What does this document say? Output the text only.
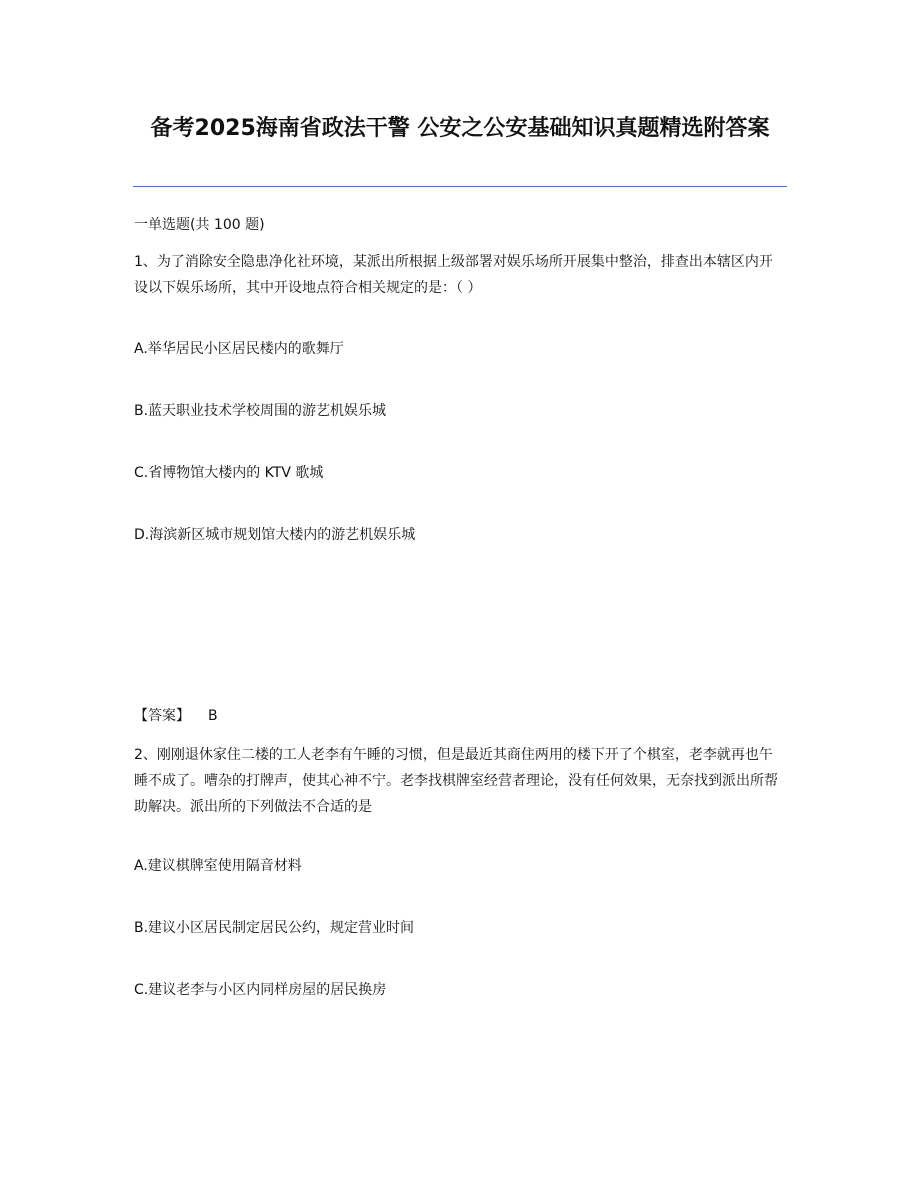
备考2025海南省政法干警 公安之公安基础知识真题精选附答案
一单选题(共 100 题)
1、为了消除安全隐患净化社环境，某派出所根据上级部署对娱乐场所开展集中整治，排查出本辖区内开设以下娱乐场所，其中开设地点符合相关规定的是：（ ）
A.举华居民小区居民楼内的歌舞厅
B.蓝天职业技术学校周围的游艺机娱乐城
C.省博物馆大楼内的 KTV 歌城
D.海滨新区城市规划馆大楼内的游艺机娱乐城
【答案】 B
2、刚刚退休家住二楼的工人老李有午睡的习惯，但是最近其商住两用的楼下开了个棋室，老李就再也午睡不成了。嘈杂的打牌声，使其心神不宁。老李找棋牌室经营者理论，没有任何效果，无奈找到派出所帮助解决。派出所的下列做法不合适的是
A.建议棋牌室使用隔音材料
B.建议小区居民制定居民公约，规定营业时间
C.建议老李与小区内同样房屋的居民换房
